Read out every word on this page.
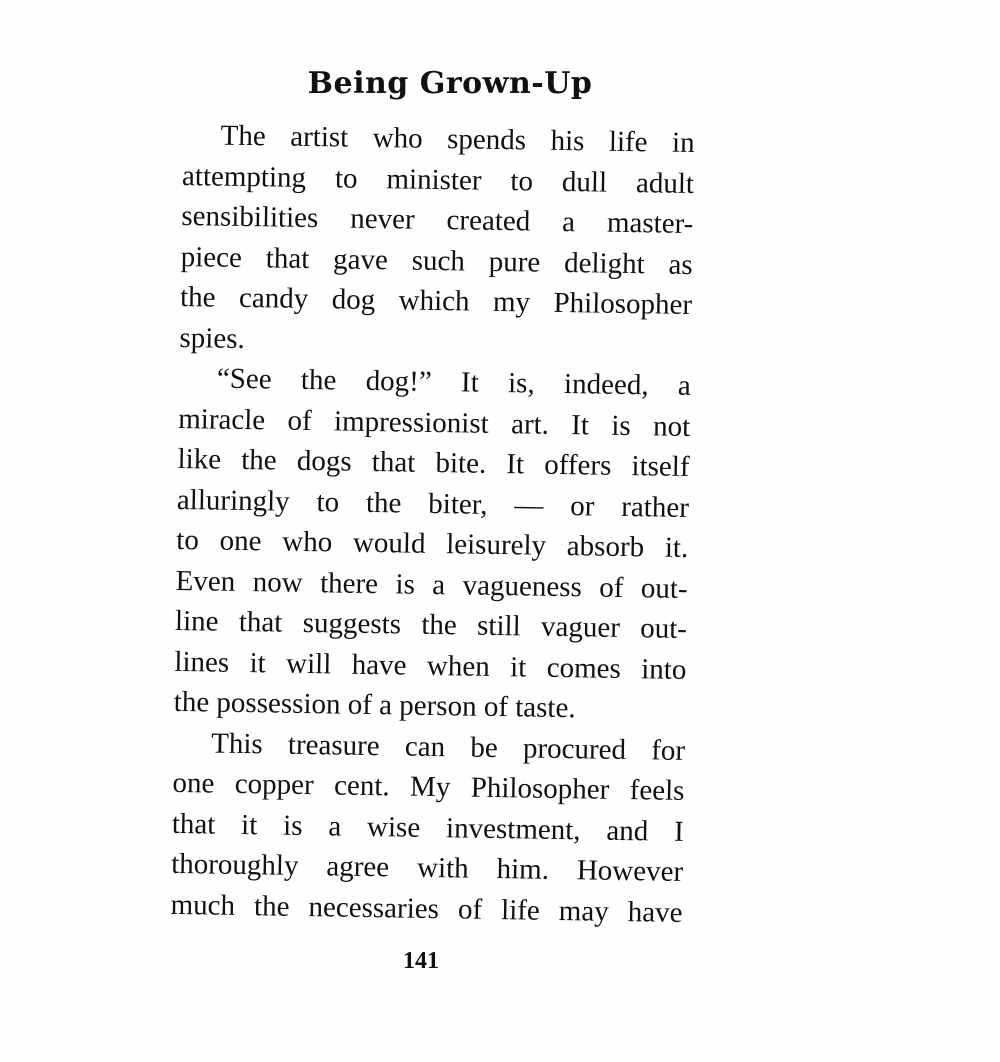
Being Grown-Up
The artist who spends his life in
attempting to minister to dull adult
sensibilities never created a master-
piece that gave such pure delight as
the candy dog which my Philosopher
spies.
“See the dog!” It is, indeed, a
miracle of impressionist art. It is not
like the dogs that bite. It offers itself
alluringly to the biter, — or rather
to one who would leisurely absorb it.
Even now there is a vagueness of out-
line that suggests the still vaguer out-
lines it will have when it comes into
the possession of a person of taste.
This treasure can be procured for
one copper cent. My Philosopher feels
that it is a wise investment, and I
thoroughly agree with him. However
much the necessaries of life may have
141
